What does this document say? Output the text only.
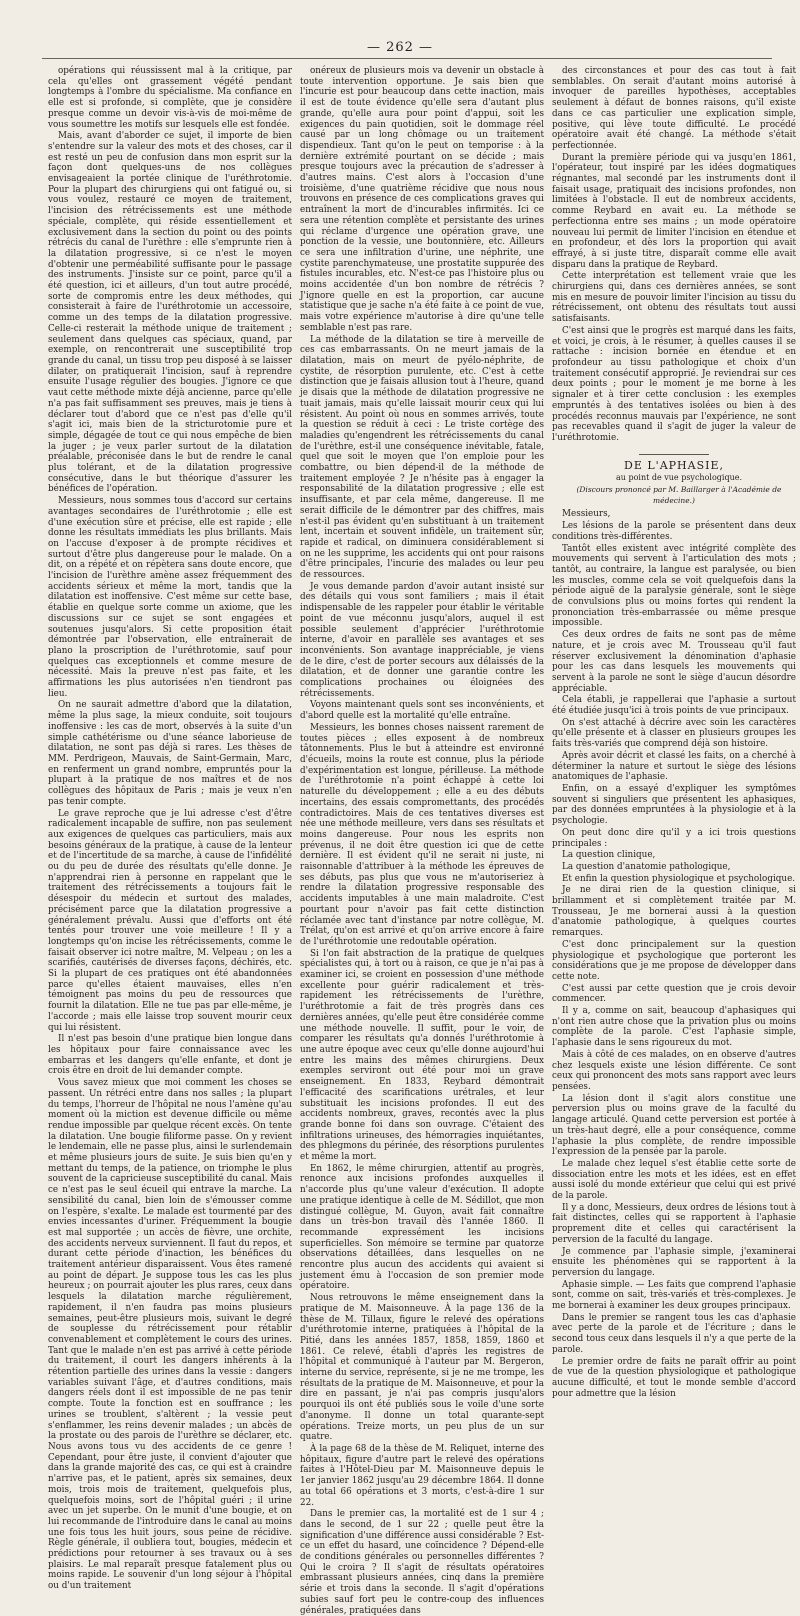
— 262 —

opérations qui réussissent mal à la critique, par cela qu'elles ont grassement végété pendant longtemps à l'ombre du spécialisme. Ma confiance en elle est si profonde, si complète, que je considère presque comme un devoir vis-à-vis de moi-même de vous soumettre les motifs sur lesquels elle est fondée.

Mais, avant d'aborder ce sujet, il importe de bien s'entendre sur la valeur des mots et des choses, car il est resté un peu de confusion dans mon esprit sur la façon dont quelques-uns de nos collègues envisageaient la portée clinique de l'uréthrotomie. Pour la plupart des chirurgiens qui ont fatigué ou, si vous voulez, restauré ce moyen de traitement, l'incision des rétrécissements est une méthode spéciale, complète, qui réside essentiellement et exclusivement dans la section du point ou des points rétrécis du canal de l'urèthre : elle s'emprunte rien à la dilatation progressive, si ce n'est le moyen d'obtenir une perméabilité suffisante pour le passage des instruments. J'insiste sur ce point, parce qu'il a été question, ici et ailleurs, d'un tout autre procédé, sorte de compromis entre les deux méthodes, qui consisterait à faire de l'uréthrotomie un accessoire, comme un des temps de la dilatation progressive. Celle-ci resterait la méthode unique de traitement ; seulement dans quelques cas spéciaux, quand, par exemple, on rencontrerait une susceptibilité trop grande du canal, un tissu trop peu disposé à se laisser dilater, on pratiquerait l'incision, sauf à reprendre ensuite l'usage régulier des bougies. J'ignore ce que vaut cette méthode mixte déjà ancienne, parce qu'elle n'a pas fait suffisamment ses preuves, mais je tiens à déclarer tout d'abord que ce n'est pas d'elle qu'il s'agit ici, mais bien de la stricturotomie pure et simple, dégagée de tout ce qui nous empêche de bien la juger ; je veux parler surtout de la dilatation préalable, préconisée dans le but de rendre le canal plus tolérant, et de la dilatation progressive consécutive, dans le but théorique d'assurer les bénéfices de l'opération.

Messieurs, nous sommes tous d'accord sur certains avantages secondaires de l'uréthrotomie ; elle est d'une exécution sûre et précise, elle est rapide ; elle donne les résultats immédiats les plus brillants. Mais on l'accuse d'exposer à de prompte récidives et surtout d'être plus dangereuse pour le malade. On a dit, on a répété et on répètera sans doute encore, que l'incision de l'urèthre amène assez fréquemment des accidents sérieux et même la mort, tandis que la dilatation est inoffensive. C'est même sur cette base, établie en quelque sorte comme un axiome, que les discussions sur ce sujet se sont engagées et soutenues jusqu'alors. Si cette proposition était démontrée par l'observation, elle entraînerait de plano la proscription de l'uréthrotomie, sauf pour quelques cas exceptionnels et comme mesure de nécessité. Mais la preuve n'est pas faite, et les affirmations les plus autorisées n'en tiendront pas lieu.

On ne saurait admettre d'abord que la dilatation, même la plus sage, la mieux conduite, soit toujours inoffensive : les cas de mort, observés à la suite d'un simple cathétérisme ou d'une séance laborieuse de dilatation, ne sont pas déjà si rares. Les thèses de MM. Perdrigeon, Mauvais, de Saint-Germain, Marc, en renferment un grand nombre, empruntés pour la plupart à la pratique de nos maîtres et de nos collègues des hôpitaux de Paris ; mais je veux n'en pas tenir compte.

Le grave reproche que je lui adresse c'est d'être radicalement incapable de suffire, non pas seulement aux exigences de quelques cas particuliers, mais aux besoins généraux de la pratique, à cause de la lenteur et de l'incertitude de sa marche, à cause de l'infidélité ou du peu de durée des résultats qu'elle donne. Je n'apprendrai rien à personne en rappelant que le traitement des rétrécissements a toujours fait le désespoir du médecin et surtout des malades, précisément parce que la dilatation progressive a généralement prévalu. Aussi que d'efforts ont été tentés pour trouver une voie meilleure ! Il y a longtemps qu'on incise les rétrécissements, comme le faisait observer ici notre maître, M. Velpeau ; on les a scarifiés, cautérisés de diverses façons, déchirés, etc. Si la plupart de ces pratiques ont été abandonnées parce qu'elles étaient mauvaises, elles n'en témoignent pas moins du peu de ressources que fournit la dilatation. Elle ne tue pas par elle-même, je l'accorde ; mais elle laisse trop souvent mourir ceux qui lui résistent.

Il n'est pas besoin d'une pratique bien longue dans les hôpitaux pour faire connaissance avec les embarras et les dangers qu'elle enfante, et dont je crois être en droit de lui demander compte.

Vous savez mieux que moi comment les choses se passent. Un rétréci entre dans nos salles ; la plupart du temps, l'horreur de l'hôpital ne nous l'amène qu'au moment où la miction est devenue difficile ou même rendue impossible par quelque récent excès. On tente la dilatation. Une bougie filiforme passe. On y revient le lendemain, elle ne passe plus, ainsi le surlendemain et même plusieurs jours de suite. Je suis bien qu'en y mettant du temps, de la patience, on triomphe le plus souvent de la capricieuse susceptibilité du canal. Mais ce n'est pas le seul écueil qui entrave la marche. La sensibilité du canal, bien loin de s'émousser comme on l'espère, s'exalte. Le malade est tourmenté par des envies incessantes d'uriner. Fréquemment la bougie est mal supportée ; un accès de fièvre, une orchite, des accidents nerveux surviennent. Il faut du repos, et durant cette période d'inaction, les bénéfices du traitement antérieur disparaissent. Vous êtes ramené au point de départ. Je suppose tous les cas les plus heureux ; on pourrait ajouter les plus rares, ceux dans lesquels la dilatation marche régulièrement, rapidement, il n'en faudra pas moins plusieurs semaines, peut-être plusieurs mois, suivant le degré de souplesse du rétrécissement pour rétablir convenablement et complètement le cours des urines. Tant que le malade n'en est pas arrivé à cette période du traitement, il court les dangers inhérents à la rétention partielle des urines dans la vessie : dangers variables suivant l'âge, et d'autres conditions, mais dangers réels dont il est impossible de ne pas tenir compte. Toute la fonction est en souffrance ; les urines se troublent, s'altèrent ; la vessie peut s'enflammer, les reins devenir malades ; un abcès de la prostate ou des parois de l'urèthre se déclarer, etc. Nous avons tous vu des accidents de ce genre ! Cependant, pour être juste, il convient d'ajouter que dans la grande majorité des cas, ce qui est à craindre n'arrive pas, et le patient, après six semaines, deux mois, trois mois de traitement, quelquefois plus, quelquefois moins, sort de l'hôpital guéri ; il urine avec un jet superbe. On le munit d'une bougie, et on lui recommande de l'introduire dans le canal au moins une fois tous les huit jours, sous peine de récidive. Règle générale, il oubliera tout, bougies, médecin et prédictions pour retourner à ses travaux ou à ses plaisirs. Le mal reparaît presque fatalement plus ou moins rapide. Le souvenir d'un long séjour à l'hôpital ou d'un traitement

onéreux de plusieurs mois va devenir un obstacle à toute intervention opportune. Je sais bien que l'incurie est pour beaucoup dans cette inaction, mais il est de toute évidence qu'elle sera d'autant plus grande, qu'elle aura pour point d'appui, soit les exigences du pain quotidien, soit le dommage réel causé par un long chômage ou un traitement dispendieux. Tant qu'on le peut on temporise : à la dernière extrémité pourtant on se décide ; mais presque toujours avec la précaution de s'adresser à d'autres mains. C'est alors à l'occasion d'une troisième, d'une quatrième récidive que nous nous trouvons en présence de ces complications graves qui entraînent la mort de d'incurables infirmités. Ici ce sera une rétention complète et persistante des urines qui réclame d'urgence une opération grave, une ponction de la vessie, une boutonnière, etc. Ailleurs ce sera une infiltration d'urine, une néphrite, une cystite parenchymateuse, une prostatite suppurée des fistules incurables, etc. N'est-ce pas l'histoire plus ou moins accidentée d'un bon nombre de rétrécis ? J'ignore quelle en est la proportion, car aucune statistique que je sache n'a été faite à ce point de vue, mais votre expérience m'autorise à dire qu'une telle semblable n'est pas rare.

La méthode de la dilatation se tire à merveille de ces cas embarrassants. On ne meurt jamais de la dilatation, mais on meurt de pyélo-néphrite, de cystite, de résorption purulente, etc. C'est à cette distinction que je faisais allusion tout à l'heure, quand je disais que la méthode de dilatation progressive ne tuait jamais, mais qu'elle laissait mourir ceux qui lui résistent. Au point où nous en sommes arrivés, toute la question se réduit à ceci : Le triste cortège des maladies qu'engendrent les rétrécissements du canal de l'urèthre, est-il une conséquence inévitable, fatale, quel que soit le moyen que l'on emploie pour les combattre, ou bien dépend-il de la méthode de traitement employée ? Je n'hésite pas à engager la responsabilité de la dilatation progressive ; elle est insuffisante, et par cela même, dangereuse. Il me serait difficile de le démontrer par des chiffres, mais n'est-il pas évident qu'en substituant à un traitement lent, incertain et souvent infidèle, un traitement sûr, rapide et radical, on diminuera considérablement si on ne les supprime, les accidents qui ont pour raisons d'être principales, l'incurie des malades ou leur peu de ressources.

Je vous demande pardon d'avoir autant insisté sur des détails qui vous sont familiers ; mais il était indispensable de les rappeler pour établir le véritable point de vue méconnu jusqu'alors, auquel il est possible seulement d'apprécier l'uréthrotomie interne, d'avoir en parallèle ses avantages et ses inconvénients. Son avantage inappréciable, je viens de le dire, c'est de porter secours aux délaissés de la dilatation, et de donner une garantie contre les complications prochaines ou éloignées des rétrécissements.

Voyons maintenant quels sont ses inconvénients, et d'abord quelle est la mortalité qu'elle entraîne.

Messieurs, les bonnes choses naissent rarement de toutes pièces ; elles exposent à de nombreux tâtonnements. Plus le but à atteindre est environné d'écueils, moins la route est connue, plus la période d'expérimentation est longue, périlleuse. La méthode de l'uréthrotomie n'a point échappé à cette loi naturelle du développement ; elle a eu des débuts incertains, des essais compromettants, des procédés contradictoires. Mais de ces tentatives diverses est née une méthode meilleure, vers dans ses résultats et moins dangereuse. Pour nous les esprits non prévenus, il ne doit être question ici que de cette dernière. Il est évident qu'il ne serait ni juste, ni raisonnable d'attribuer à la méthode les épreuves de ses débuts, pas plus que vous ne m'autoriseriez à rendre la dilatation progressive responsable des accidents imputables à une main maladroite. C'est pourtant pour n'avoir pas fait cette distinction réclamée avec tant d'instance par notre collègue, M. Trélat, qu'on est arrivé et qu'on arrive encore à faire de l'uréthrotomie une redoutable opération.

Si l'on fait abstraction de la pratique de quelques spécialistes qui, à tort ou à raison, ce que je n'ai pas à examiner ici, se croient en possession d'une méthode excellente pour guérir radicalement et très-rapidement les rétrécissements de l'urèthre, l'uréthrotomie a fait de très progrès dans ces dernières années, qu'elle peut être considérée comme une méthode nouvelle. Il suffit, pour le voir, de comparer les résultats qu'a donnés l'uréthrotomie à une autre époque avec ceux qu'elle donne aujourd'hui entre les mains des mêmes chirurgiens. Deux exemples serviront out été pour moi un grave enseignement. En 1833, Reybard démontrait l'efficacité des scarifications urétrales, et leur substituait les incisions profondes. Il eut des accidents nombreux, graves, recontés avec la plus grande bonne foi dans son ouvrage. C'étaient des infiltrations urineuses, des hémorragies inquiétantes, des phlegmons du périnée, des résorptions purulentes et même la mort.

En 1862, le même chirurgien, attentif au progrès, renonce aux incisions profondes auxquelles il n'accorde plus qu'une valeur d'exécution. Il adopte une pratique identique à celle de M. Sédillot, que mon distingué collègue, M. Guyon, avait fait connaître dans un très-bon travail dès l'année 1860. Il recommande expressément les incisions superficielles. Son mémoire se termine par quatorze observations détaillées, dans lesquelles on ne rencontre plus aucun des accidents qui avaient si justement ému à l'occasion de son premier mode opératoire.

Nous retrouvons le même enseignement dans la pratique de M. Maisonneuve. À la page 136 de la thèse de M. Tillaux, figure le relevé des opérations d'uréthrotomie interne, pratiquées à l'hôpital de la Pitié, dans les années 1857, 1858, 1859, 1860 et 1861. Ce relevé, établi d'après les registres de l'hôpital et communiqué à l'auteur par M. Bergeron, interne du service, représente, si je ne me trompe, les résultats de la pratique de M. Maisonneuve, et pour la dire en passant, je n'ai pas compris jusqu'alors pourquoi ils ont été publiés sous le voile d'une sorte d'anonyme. Il donne un total quarante-sept opérations. Treize morts, un peu plus de un sur quatre.

À la page 68 de la thèse de M. Reliquet, interne des hôpitaux, figure d'autre part le relevé des opérations faites à l'Hôtel-Dieu par M. Maisonneuve depuis le 1er janvier 1862 jusqu'au 29 décembre 1864. Il donne au total 66 opérations et 3 morts, c'est-à-dire 1 sur 22.

Dans le premier cas, la mortalité est de 1 sur 4 ; dans le second, de 1 sur 22 ; quelle peut être la signification d'une différence aussi considérable ? Est-ce un effet du hasard, une coïncidence ? Dépend-elle de conditions générales ou personnelles différentes ? Qui le croira ? Il s'agit de résultats opératoires embrassant plusieurs années, cinq dans la première série et trois dans la seconde. Il s'agit d'opérations subies sauf fort peu le contre-coup des influences générales, pratiquées dans

des circonstances et pour des cas tout à fait semblables. On serait d'autant moins autorisé à invoquer de pareilles hypothèses, acceptables seulement à défaut de bonnes raisons, qu'il existe dans ce cas particulier une explication simple, positive, qui lève toute difficulté. Le procédé opératoire avait été changé. La méthode s'était perfectionnée.

Durant la première période qui va jusqu'en 1861, l'opérateur, tout inspiré par les idées dogmatiques régnantes, mal secondé par les instruments dont il faisait usage, pratiquait des incisions profondes, non limitées à l'obstacle. Il eut de nombreux accidents, comme Reybard en avait eu. La méthode se perfectionna entre ses mains ; un mode opératoire nouveau lui permit de limiter l'incision en étendue et en profondeur, et dès lors la proportion qui avait effrayé, à si juste titre, disparaît comme elle avait disparu dans la pratique de Reybard.

Cette interprétation est tellement vraie que les chirurgiens qui, dans ces dernières années, se sont mis en mesure de pouvoir limiter l'incision au tissu du rétrécissement, ont obtenu des résultats tout aussi satisfaisants.

C'est ainsi que le progrès est marqué dans les faits, et voici, je crois, à le résumer, à quelles causes il se rattache : incision bornée en étendue et en profondeur au tissu pathologique et choix d'un traitement consécutif approprié. Je reviendrai sur ces deux points ; pour le moment je me borne à les signaler et à tirer cette conclusion : les exemples empruntés à des tentatives isolées ou bien à des procédés reconnus mauvais par l'expérience, ne sont pas recevables quand il s'agit de juger la valeur de l'uréthrotomie.

DE L'APHASIE,

au point de vue psychologique.

(Discours prononcé par M. Baillarger à l'Académie de médecine.)

Messieurs,

Les lésions de la parole se présentent dans deux conditions très-différentes.

Tantôt elles existent avec intégrité complète des mouvements qui servent à l'articulation des mots ; tantôt, au contraire, la langue est paralysée, ou bien les muscles, comme cela se voit quelquefois dans la période aiguë de la paralysie générale, sont le siège de convulsions plus ou moins fortes qui rendent la prononciation très-embarrassée ou même presque impossible.

Ces deux ordres de faits ne sont pas de même nature, et je crois avec M. Trousseau qu'il faut réserver exclusivement la dénomination d'aphasie pour les cas dans lesquels les mouvements qui servent à la parole ne sont le siège d'aucun désordre appréciable.

Cela établi, je rappellerai que l'aphasie a surtout été étudiée jusqu'ici à trois points de vue principaux.

On s'est attaché à décrire avec soin les caractères qu'elle présente et à classer en plusieurs groupes les faits très-variés que comprend déjà son histoire.

Après avoir décrit et classé les faits, on a cherché à déterminer la nature et surtout le siège des lésions anatomiques de l'aphasie.

Enfin, on a essayé d'expliquer les symptômes souvent si singuliers que présentent les aphasiques, par des données empruntées à la physiologie et à la psychologie.

On peut donc dire qu'il y a ici trois questions principales :

La question clinique,

La question d'anatomie pathologique,

Et enfin la question physiologique et psychologique.

Je ne dirai rien de la question clinique, si brillamment et si complètement traitée par M. Trousseau, Je me bornerai aussi à la question d'anatomie pathologique, à quelques courtes remarques.

C'est donc principalement sur la question physiologique et psychologique que porteront les considérations que je me propose de développer dans cette note.

C'est aussi par cette question que je crois devoir commencer.

Il y a, comme on sait, beaucoup d'aphasiques qui n'ont rien autre chose que la privation plus ou moins complète de la parole. C'est l'aphasie simple, l'aphasie dans le sens rigoureux du mot.

Mais à côté de ces malades, on en observe d'autres chez lesquels existe une lésion différente. Ce sont ceux qui prononcent des mots sans rapport avec leurs pensées.

La lésion dont il s'agit alors constitue une perversion plus ou moins grave de la faculté du langage articulé. Quand cette perversion est portée à un très-haut degré, elle a pour conséquence, comme l'aphasie la plus complète, de rendre impossible l'expression de la pensée par la parole.

Le malade chez lequel s'est établie cette sorte de dissociation entre les mots et les idées, est en effet aussi isolé du monde extérieur que celui qui est privé de la parole.

Il y a donc, Messieurs, deux ordres de lésions tout à fait distinctes, celles qui se rapportent à l'aphasie proprement dite et celles qui caractérisent la perversion de la faculté du langage.

Je commence par l'aphasie simple, j'examinerai ensuite les phénomènes qui se rapportent à la perversion du langage.

Aphasie simple. — Les faits que comprend l'aphasie sont, comme on sait, très-variés et très-complexes. Je me bornerai à examiner les deux groupes principaux.

Dans le premier se rangent tous les cas d'aphasie avec perte de la parole et de l'écriture ; dans le second tous ceux dans lesquels il n'y a que perte de la parole.

Le premier ordre de faits ne paraît offrir au point de vue de la question physiologique et pathologique aucune difficulté, et tout le monde semble d'accord pour admettre que la lésion
